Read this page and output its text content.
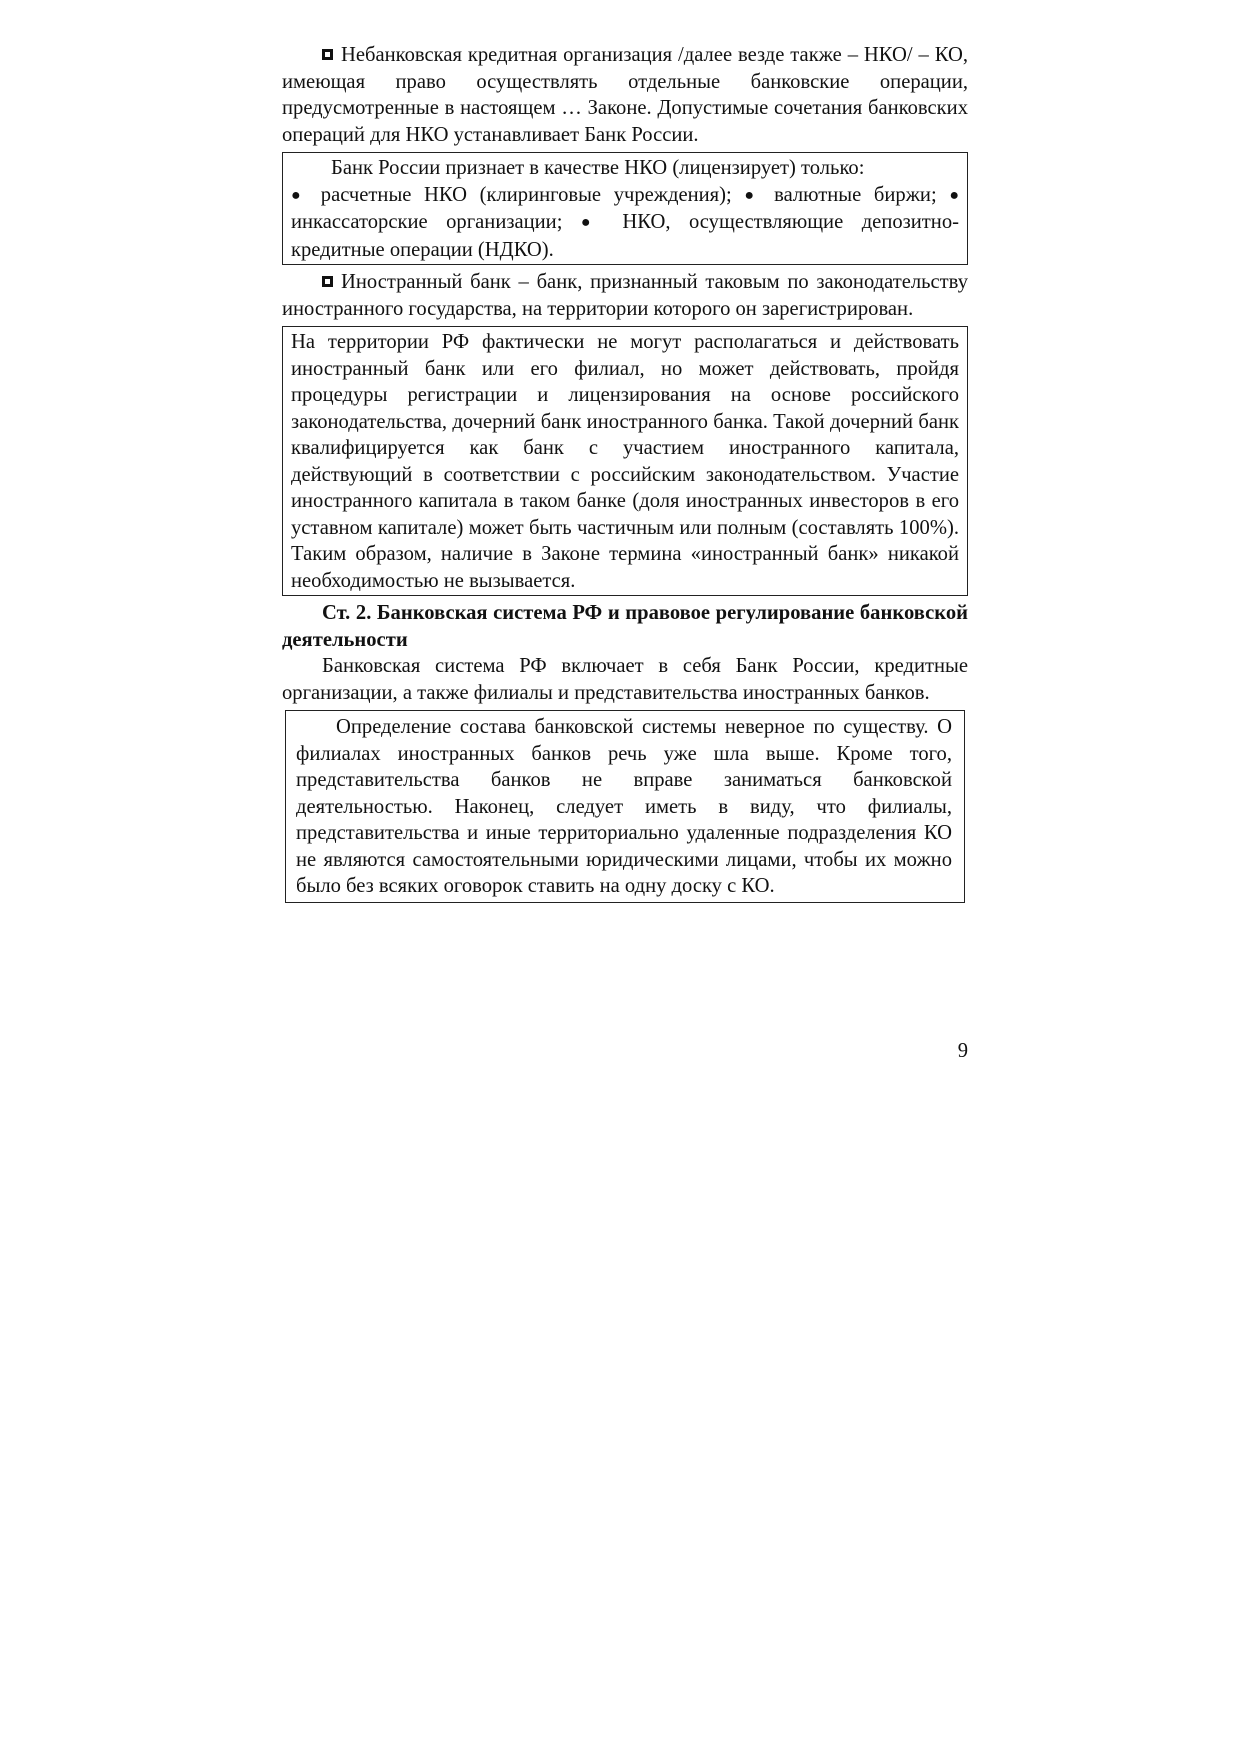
Небанковская кредитная организация /далее везде также – НКО/ – КО, имеющая право осуществлять отдельные банковские операции, предусмотренные в настоящем … Законе. Допустимые сочетания банковских операций для НКО устанавливает Банк России.

Банк России признает в качестве НКО (лицензирует) только:

● расчетные НКО (клиринговые учреждения); ● валютные биржи; ● инкассаторские организации; ● НКО, осуществляющие депозитно-кредитные операции (НДКО).

Иностранный банк – банк, признанный таковым по законодательству иностранного государства, на территории которого он зарегистрирован.

На территории РФ фактически не могут располагаться и действовать иностранный банк или его филиал, но может действовать, пройдя процедуры регистрации и лицензирования на основе российского законодательства, дочерний банк иностранного банка. Такой дочерний банк квалифицируется как банк с участием иностранного капитала, действующий в соответствии с российским законодательством. Участие иностранного капитала в таком банке (доля иностранных инвесторов в его уставном капитале) может быть частичным или полным (составлять 100%). Таким образом, наличие в Законе термина «иностранный банк» никакой необходимостью не вызывается.

Ст. 2. Банковская система РФ и правовое регулирование банковской деятельности

Банковская система РФ включает в себя Банк России, кредитные организации, а также филиалы и представительства иностранных банков.

Определение состава банковской системы неверное по существу. О филиалах иностранных банков речь уже шла выше. Кроме того, представительства банков не вправе заниматься банковской деятельностью. Наконец, следует иметь в виду, что филиалы, представительства и иные территориально удаленные подразделения КО не являются самостоятельными юридическими лицами, чтобы их можно было без всяких оговорок ставить на одну доску с КО.

9
